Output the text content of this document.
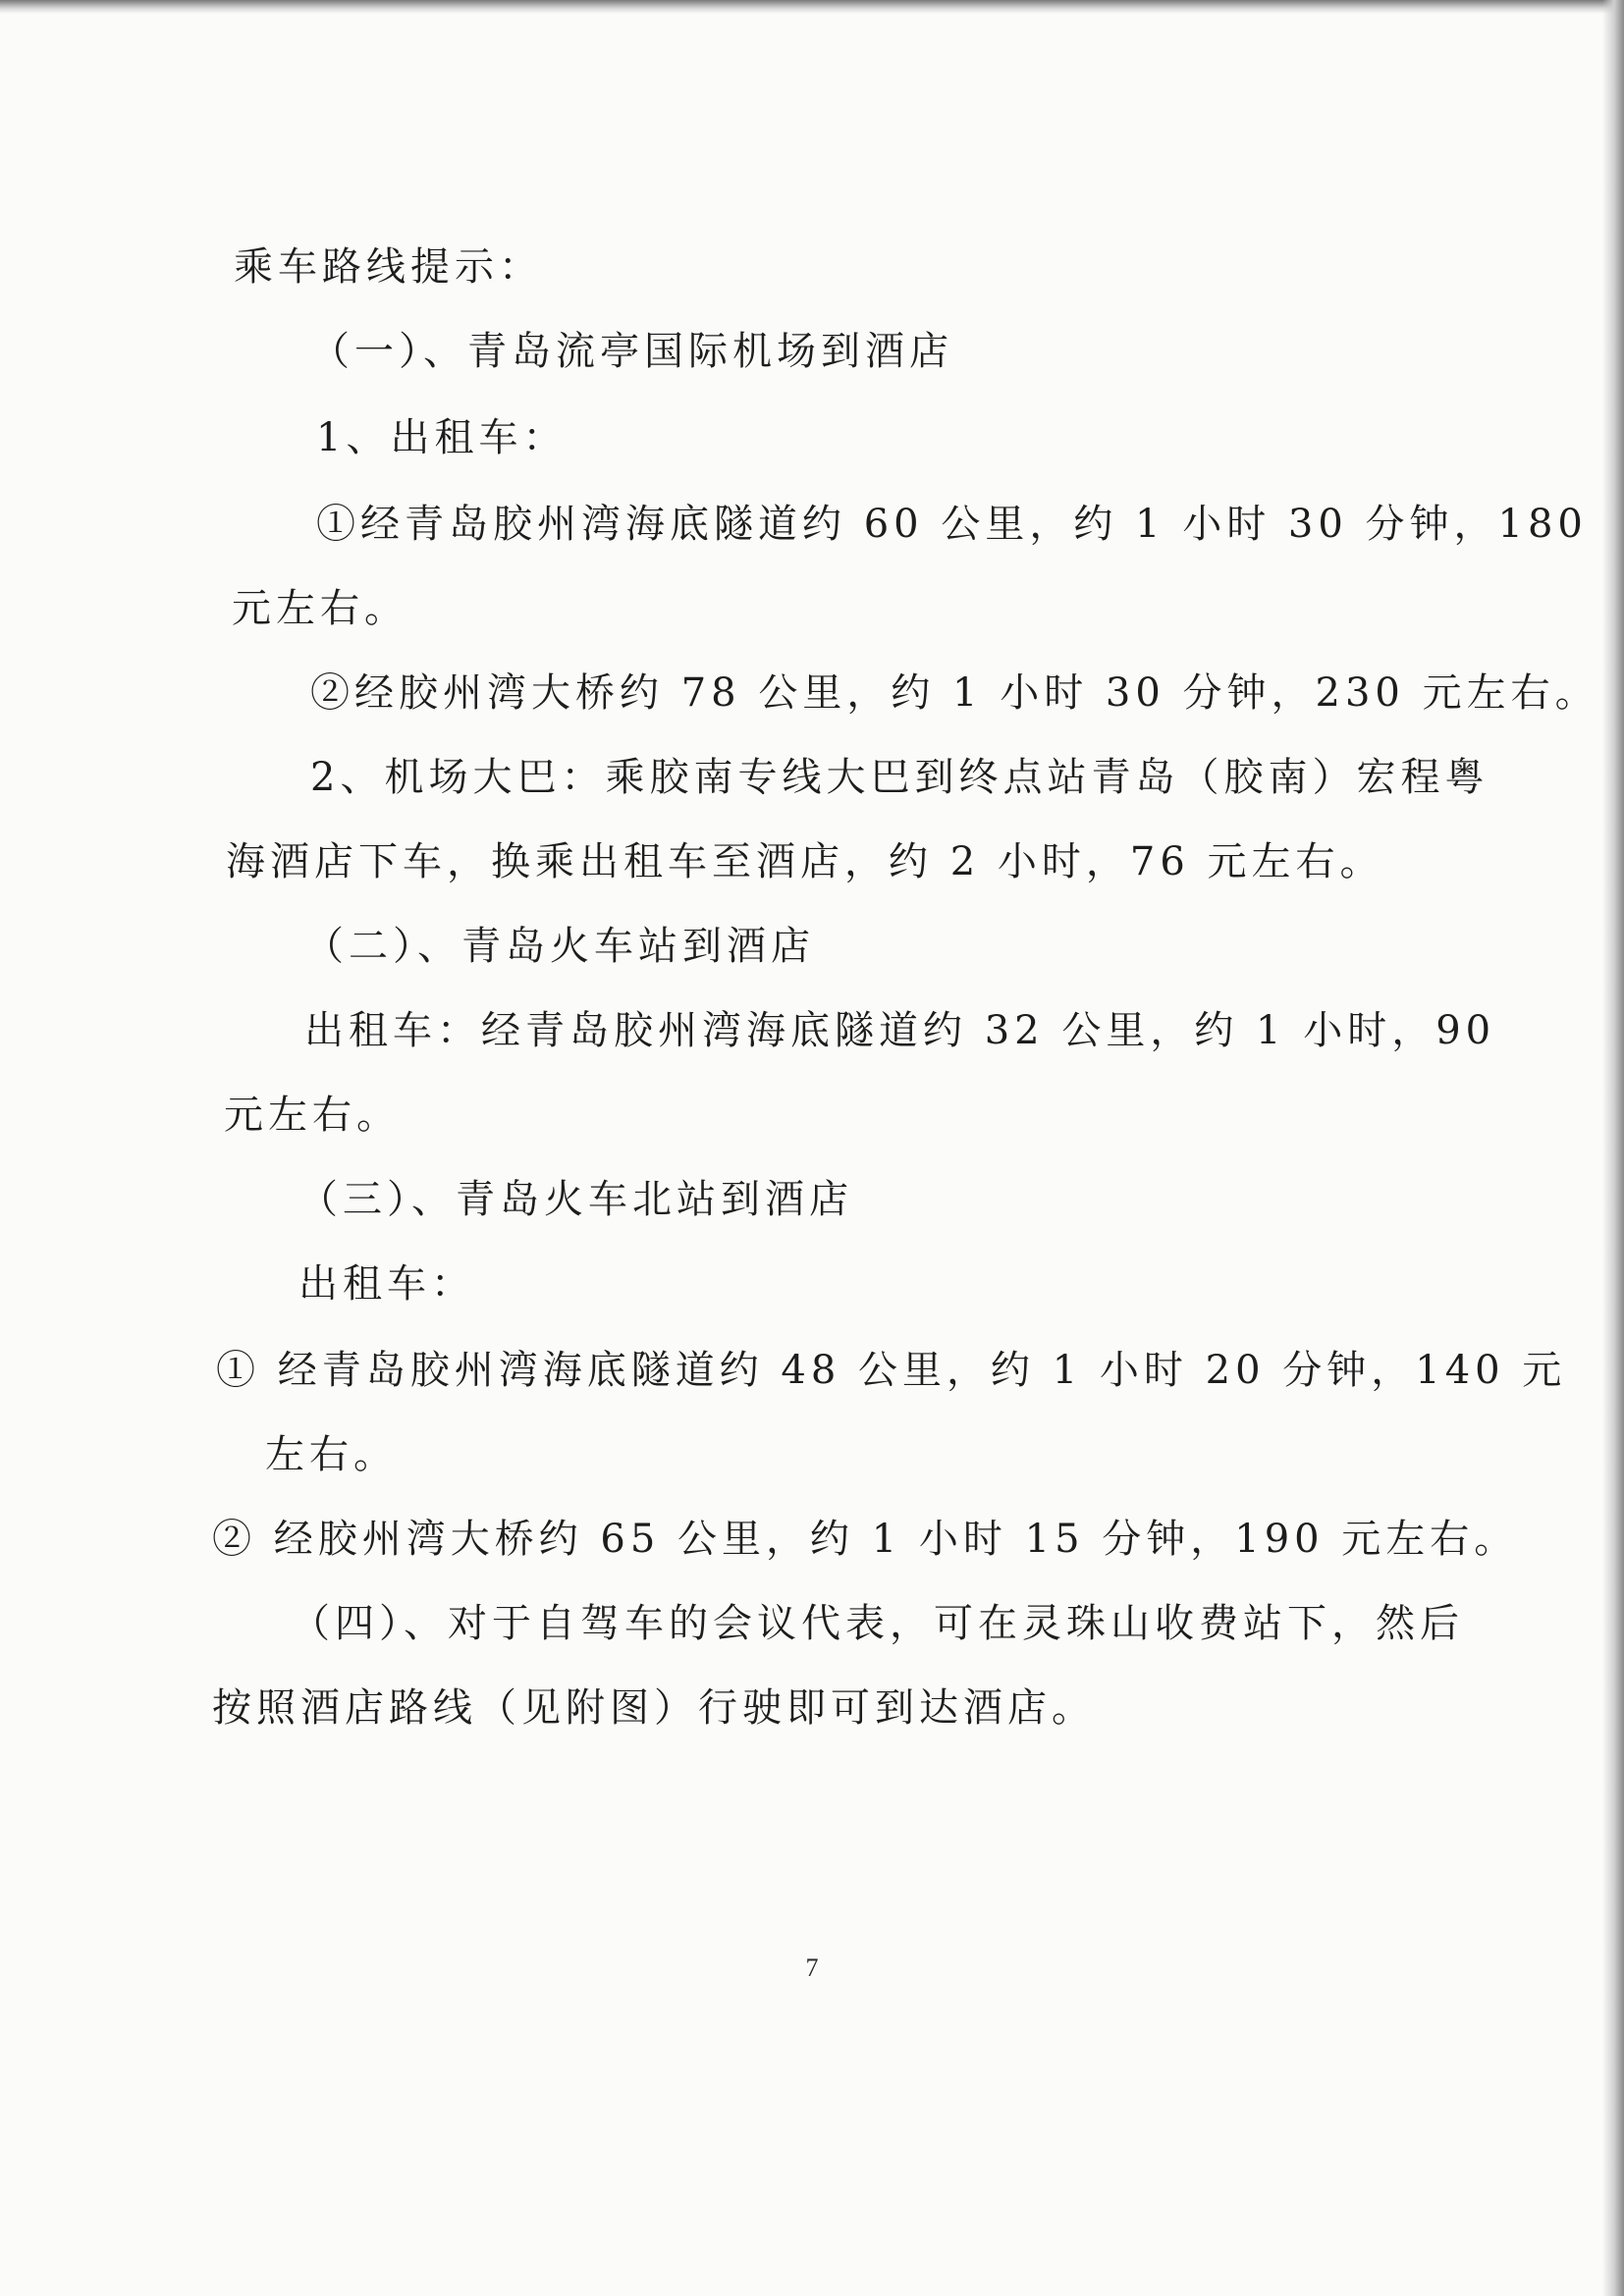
乘车路线提示：
（一）、青岛流亭国际机场到酒店
1、出租车：
①经青岛胶州湾海底隧道约 60 公里，约 1 小时 30 分钟，180
元左右。
②经胶州湾大桥约 78 公里，约 1 小时 30 分钟，230 元左右。
2、机场大巴：乘胶南专线大巴到终点站青岛（胶南）宏程粤
海酒店下车，换乘出租车至酒店，约 2 小时，76 元左右。
（二）、青岛火车站到酒店
出租车：经青岛胶州湾海底隧道约 32 公里，约 1 小时，90
元左右。
（三）、青岛火车北站到酒店
出租车：
① 经青岛胶州湾海底隧道约 48 公里，约 1 小时 20 分钟，140 元
左右。
② 经胶州湾大桥约 65 公里，约 1 小时 15 分钟，190 元左右。
（四）、对于自驾车的会议代表，可在灵珠山收费站下，然后
按照酒店路线（见附图）行驶即可到达酒店。
7
